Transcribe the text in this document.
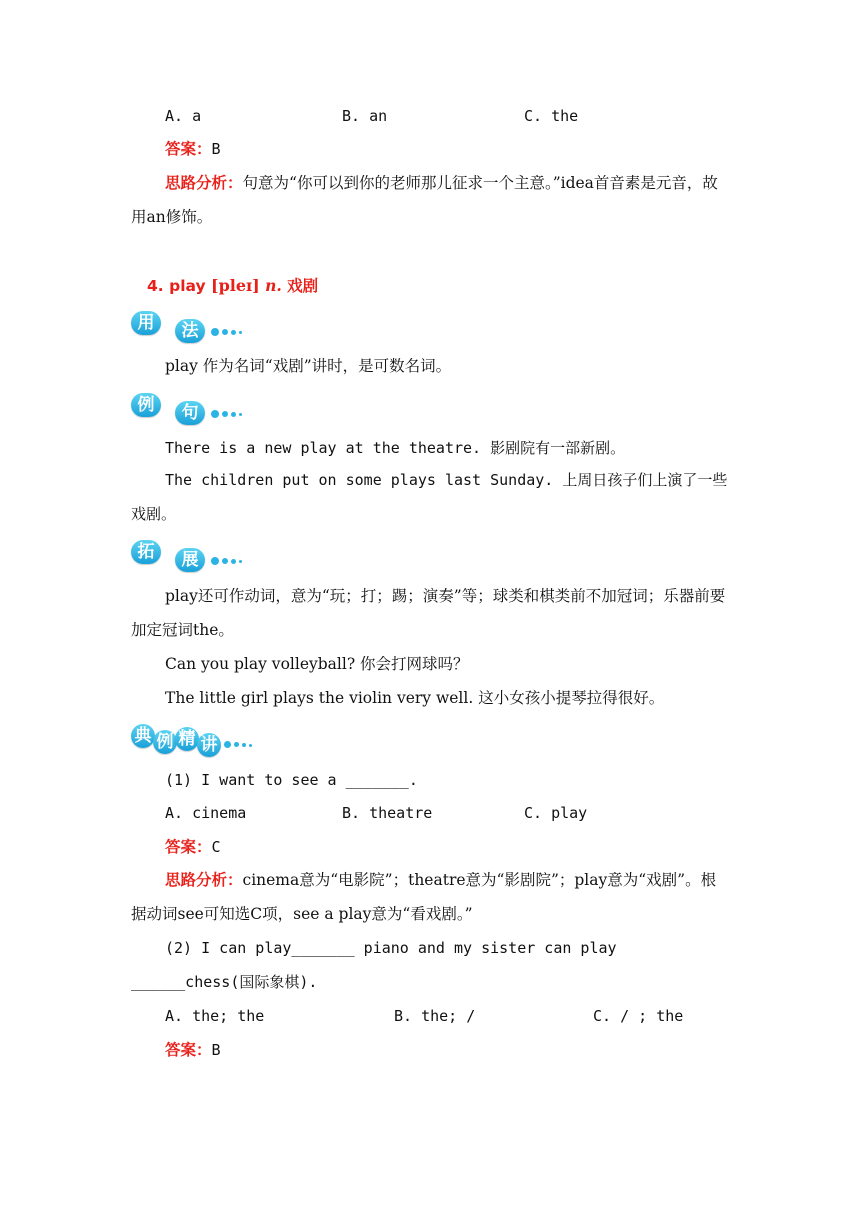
A. a	B. an	C. the
答案：B
思路分析：句意为“你可以到你的老师那儿征求一个主意。”idea首音素是元音，故用an修饰。
4. play [pleɪ] n. 戏剧
用	法
play 作为名词“戏剧”讲时，是可数名词。
例	句
There is a new play at the theatre. 影剧院有一部新剧。
The children put on some plays last Sunday. 上周日孩子们上演了一些戏剧。
拓	展
play还可作动词，意为“玩；打；踢；演奏”等；球类和棋类前不加冠词；乐器前要加定冠词the。
Can you play volleyball? 你会打网球吗？
The little girl plays the violin very well. 这小女孩小提琴拉得很好。
典 例 精 讲
(1) I want to see a _______.
A. cinema	B. theatre	C. play
答案：C
思路分析：cinema意为“电影院”；theatre意为“影剧院”；play意为“戏剧”。根据动词see可知选C项，see a play意为“看戏剧。”
(2) I can play_______ piano and my sister can play ______chess(国际象棋).
A. the; the	B. the; /	C. / ; the
答案：B
